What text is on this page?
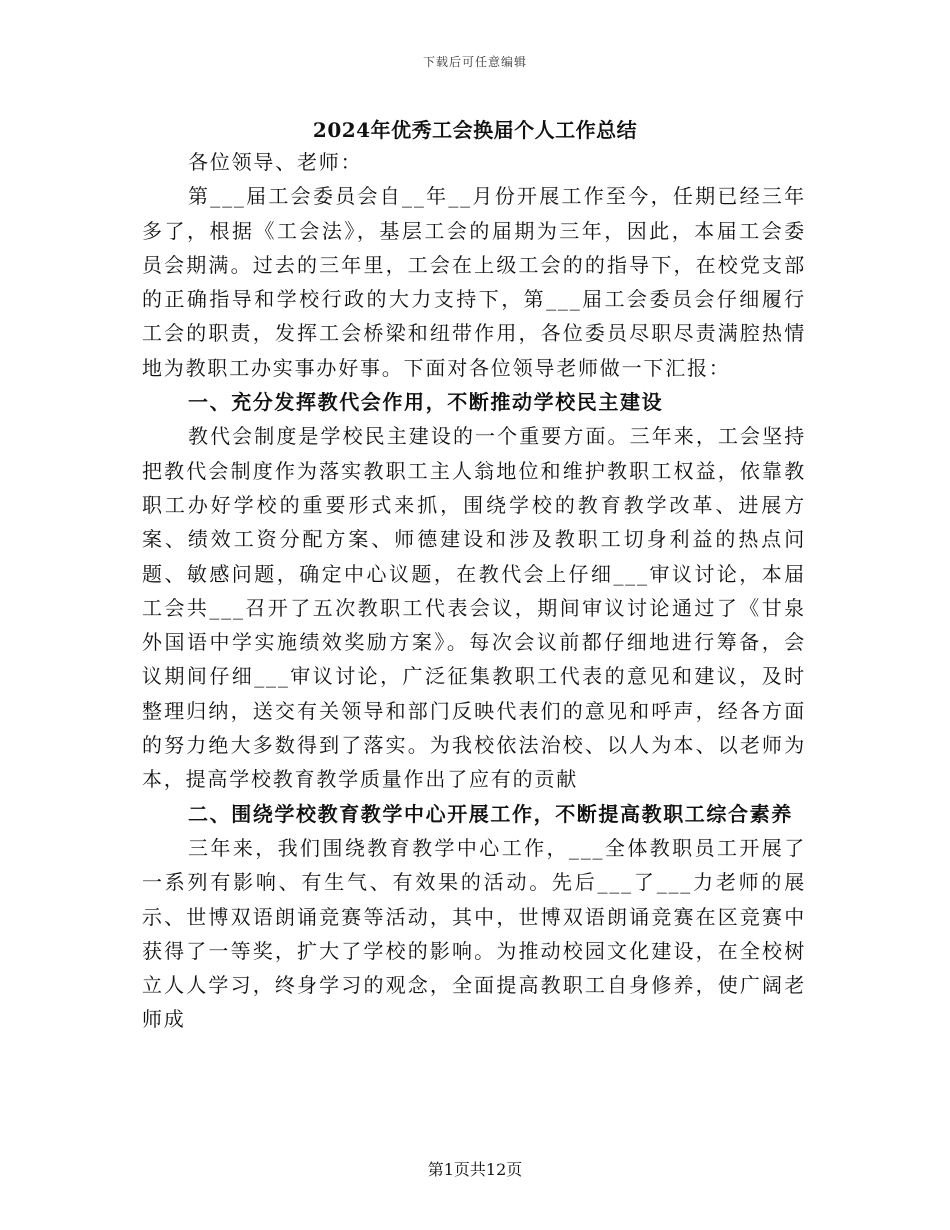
下载后可任意编辑
2024年优秀工会换届个人工作总结

各位领导、老师：

第___届工会委员会自__年__月份开展工作至今，任期已经三年多了，根据《工会法》，基层工会的届期为三年，因此，本届工会委员会期满。过去的三年里，工会在上级工会的的指导下，在校党支部的正确指导和学校行政的大力支持下，第___届工会委员会仔细履行工会的职责，发挥工会桥梁和纽带作用，各位委员尽职尽责满腔热情地为教职工办实事办好事。下面对各位领导老师做一下汇报：

一、充分发挥教代会作用，不断推动学校民主建设

教代会制度是学校民主建设的一个重要方面。三年来，工会坚持把教代会制度作为落实教职工主人翁地位和维护教职工权益，依靠教职工办好学校的重要形式来抓，围绕学校的教育教学改革、进展方案、绩效工资分配方案、师德建设和涉及教职工切身利益的热点问题、敏感问题，确定中心议题，在教代会上仔细___审议讨论，本届工会共___召开了五次教职工代表会议，期间审议讨论通过了《甘泉外国语中学实施绩效奖励方案》。每次会议前都仔细地进行筹备，会议期间仔细___审议讨论，广泛征集教职工代表的意见和建议，及时整理归纳，送交有关领导和部门反映代表们的意见和呼声，经各方面的努力绝大多数得到了落实。为我校依法治校、以人为本、以老师为本，提高学校教育教学质量作出了应有的贡献

二、围绕学校教育教学中心开展工作，不断提高教职工综合素养

三年来，我们围绕教育教学中心工作，___全体教职员工开展了一系列有影响、有生气、有效果的活动。先后___了___力老师的展示、世博双语朗诵竞赛等活动，其中，世博双语朗诵竞赛在区竞赛中获得了一等奖，扩大了学校的影响。为推动校园文化建设，在全校树立人人学习，终身学习的观念，全面提高教职工自身修养，使广阔老师成

第1页共12页
